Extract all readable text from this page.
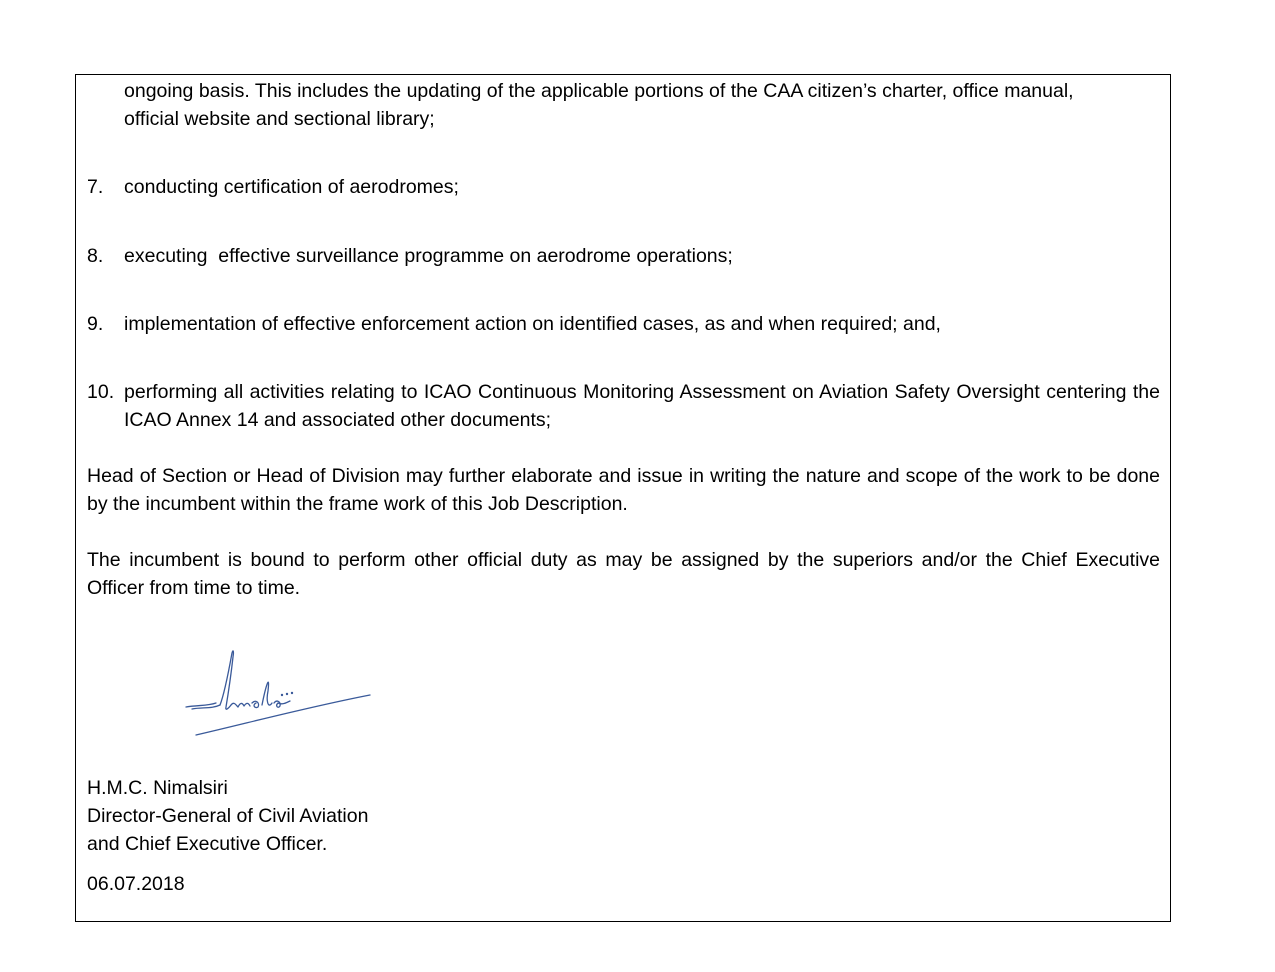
ongoing basis. This includes the updating of the applicable portions of the CAA citizen’s charter, office manual,
official website and sectional library;
7. conducting certification of aerodromes;
8. executing  effective surveillance programme on aerodrome operations;
9. implementation of effective enforcement action on identified cases, as and when required; and,
10. performing all activities relating to ICAO Continuous Monitoring Assessment on Aviation Safety Oversight centering the ICAO Annex 14 and associated other documents;
Head of Section or Head of Division may further elaborate and issue in writing the nature and scope of the work to be done by the incumbent within the frame work of this Job Description.
The incumbent is bound to perform other official duty as may be assigned by the superiors and/or the Chief Executive Officer from time to time.
H.M.C. Nimalsiri
Director-General of Civil Aviation
and Chief Executive Officer.
06.07.2018
